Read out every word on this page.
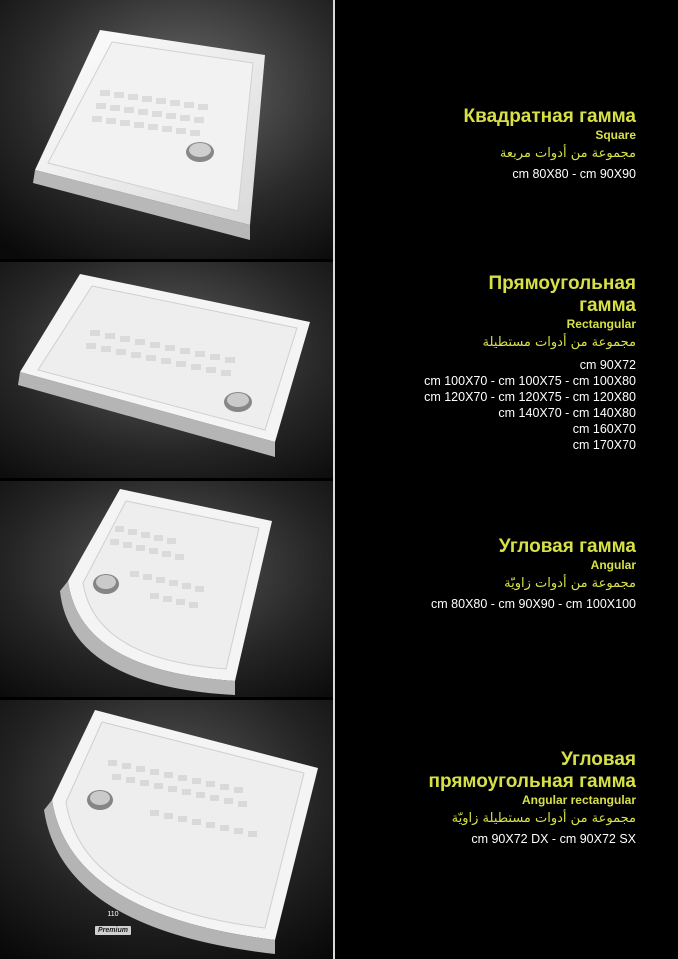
110
Premium

Квадратная гамма

Square

مجموعة من أدوات مربعة

cm 80X80 - cm 90X90

Прямоугольная

гамма

Rectangular

مجموعة من أدوات مستطيلة

cm 90X72
cm 100X70 - cm 100X75 - cm 100X80
cm 120X70 - cm 120X75 - cm 120X80
cm 140X70 - cm 140X80
cm 160X70
cm 170X70

Угловая гамма

Angular

مجموعة من أدوات زاويّة

cm 80X80 - cm 90X90 - cm 100X100

Угловая

прямоугольная гамма

Angular rectangular

مجموعة من أدوات مستطيلة زاويّة

cm 90X72 DX - cm 90X72 SX
